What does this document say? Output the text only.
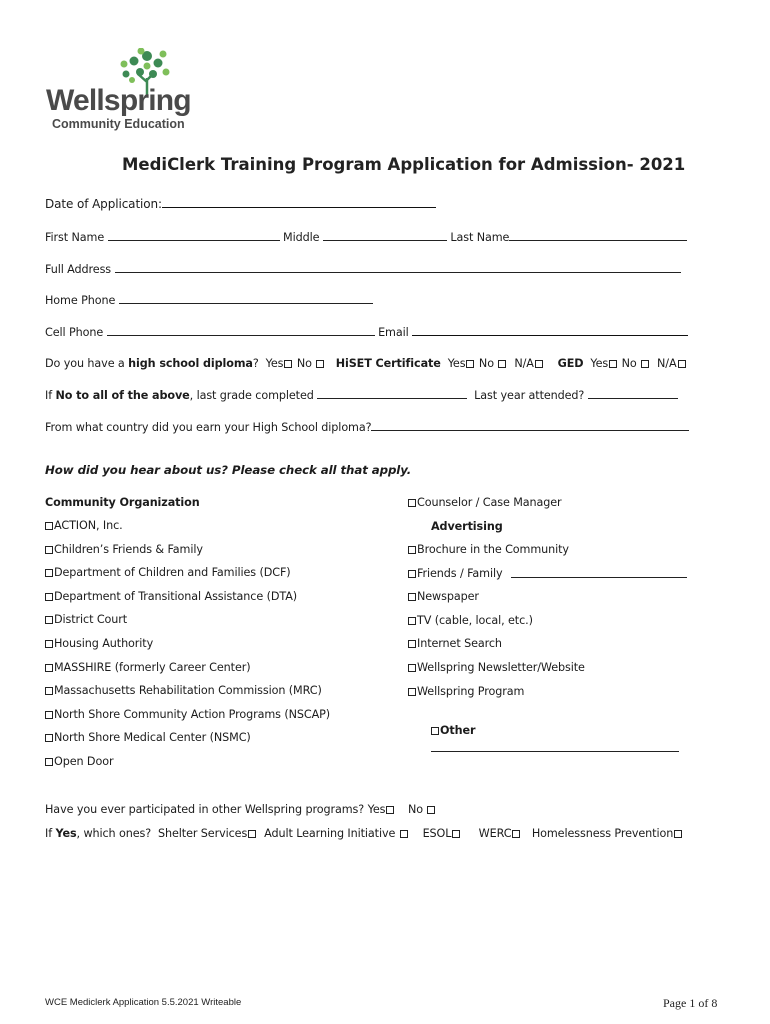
Wellspring
Community Education
MediClerk Training Program Application for Admission- 2021
Date of Application:
First Name	Middle	Last Name
Full Address
Home Phone
Cell Phone	Email
Do you have a high school diploma? Yes No HiSET Certificate Yes No N/A GED Yes No N/A
If No to all of the above, last grade completed	Last year attended?
From what country did you earn your High School diploma?
How did you hear about us? Please check all that apply.
Community Organization
ACTION, Inc.
Children’s Friends & Family
Department of Children and Families (DCF)
Department of Transitional Assistance (DTA)
District Court
Housing Authority
MASSHIRE (formerly Career Center)
Massachusetts Rehabilitation Commission (MRC)
North Shore Community Action Programs (NSCAP)
North Shore Medical Center (NSMC)
Open Door
Counselor / Case Manager
Advertising
Brochure in the Community
Friends / Family
Newspaper
TV (cable, local, etc.)
Internet Search
Wellspring Newsletter/Website
Wellspring Program
Other
Have you ever participated in other Wellspring programs? Yes	No
If Yes, which ones? Shelter Services Adult Learning Initiative ESOL WERC Homelessness Prevention
WCE Mediclerk Application 5.5.2021 Writeable	Page 1 of 8
